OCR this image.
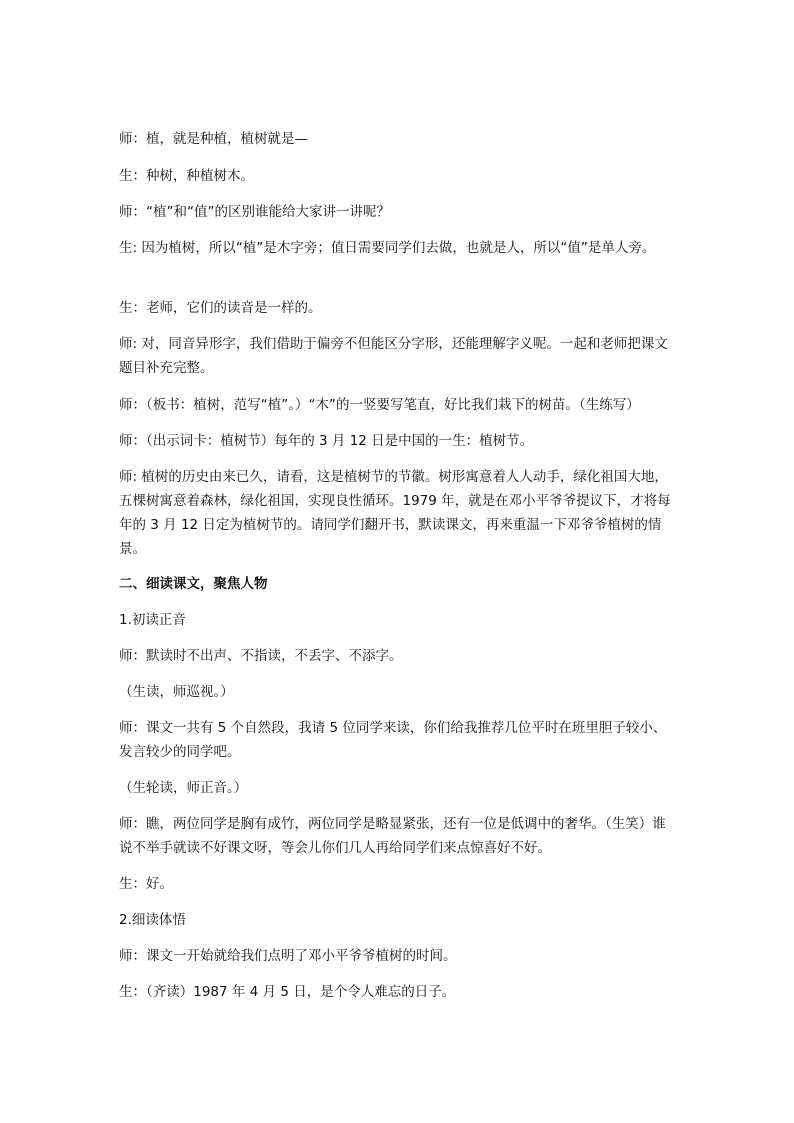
师：植，就是种植，植树就是—

生：种树，种植树木。

师：“植”和“值”的区别谁能给大家讲一讲呢？

生: 因为植树，所以“植”是木字旁；值日需要同学们去做，也就是人，所以“值”是单人旁。

生：老师，它们的读音是一样的。

师: 对，同音异形字，我们借助于偏旁不但能区分字形，还能理解字义呢。一起和老师把课文题目补充完整。

师：（板书：植树，范写“植”。）“木”的一竖要写笔直，好比我们栽下的树苗。（生练写）

师：（出示词卡：植树节）每年的 3 月 12 日是中国的一生：植树节。

师: 植树的历史由来已久，请看，这是植树节的节徽。树形寓意着人人动手，绿化祖国大地，五棵树寓意着森林，绿化祖国，实现良性循环。1979 年，就是在邓小平爷爷提议下，才将每年的 3 月 12 日定为植树节的。请同学们翻开书，默读课文，再来重温一下邓爷爷植树的情景。

二、细读课文，聚焦人物

1.初读正音

师：默读时不出声、不指读，不丢字、不添字。

（生读，师巡视。）

师：课文一共有 5 个自然段，我请 5 位同学来读，你们给我推荐几位平时在班里胆子较小、发言较少的同学吧。

（生轮读，师正音。）

师：瞧，两位同学是胸有成竹，两位同学是略显紧张，还有一位是低调中的奢华。（生笑）谁说不举手就读不好课文呀，等会儿你们几人再给同学们来点惊喜好不好。

生：好。

2.细读体悟

师：课文一开始就给我们点明了邓小平爷爷植树的时间。

生：（齐读）1987 年 4 月 5 日，是个令人难忘的日子。
